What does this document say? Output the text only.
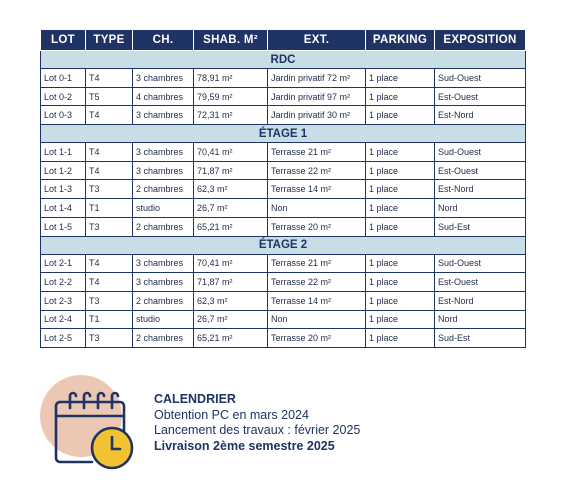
LOT	TYPE	CH.	SHAB. M²	EXT.	PARKING	EXPOSITION
RDC						
Lot 0-1	T4	3 chambres	78,91 m²	Jardin privatif 72 m²	1 place	Sud-Ouest
Lot 0-2	T5	4 chambres	79,59 m²	Jardin privatif 97 m²	1 place	Est-Ouest
Lot 0-3	T4	3 chambres	72,31 m²	Jardin privatif 30 m²	1 place	Est-Nord
ÉTAGE 1						
Lot 1-1	T4	3 chambres	70,41 m²	Terrasse 21 m²	1 place	Sud-Ouest
Lot 1-2	T4	3 chambres	71,87 m²	Terrasse 22 m²	1 place	Est-Ouest
Lot 1-3	T3	2 chambres	62,3 m²	Terrasse 14 m²	1 place	Est-Nord
Lot 1-4	T1	studio	26,7 m²	Non	1 place	Nord
Lot 1-5	T3	2 chambres	65,21 m²	Terrasse 20 m²	1 place	Sud-Est
ÉTAGE 2						
Lot 2-1	T4	3 chambres	70,41 m²	Terrasse 21 m²	1 place	Sud-Ouest
Lot 2-2	T4	3 chambres	71,87 m²	Terrasse 22 m²	1 place	Est-Ouest
Lot 2-3	T3	2 chambres	62,3 m²	Terrasse 14 m²	1 place	Est-Nord
Lot 2-4	T1	studio	26,7 m²	Non	1 place	Nord
Lot 2-5	T3	2 chambres	65,21 m²	Terrasse 20 m²	1 place	Sud-Est
CALENDRIER
Obtention PC en mars 2024
Lancement des travaux : février 2025
Livraison 2ème semestre 2025
